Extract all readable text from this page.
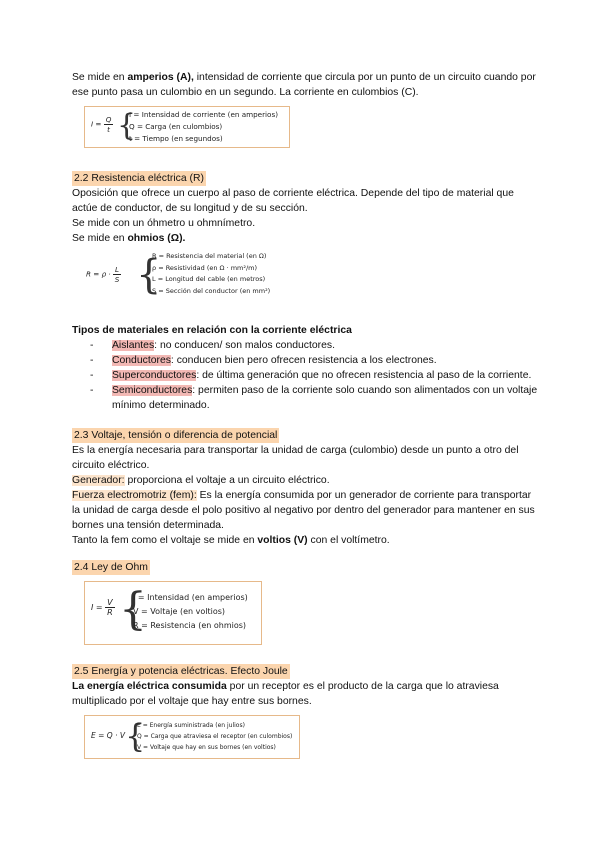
Se mide en amperios (A), intensidad de corriente que circula por un punto de un circuito cuando por ese punto pasa un culombio en un segundo. La corriente en culombios (C).

$I = \frac{Q}{t}$ {
I = Intensidad de corriente (en amperios)
Q = Carga (en culombios)
t = Tiempo (en segundos)

2.2 Resistencia eléctrica (R)

Oposición que ofrece un cuerpo al paso de corriente eléctrica. Depende del tipo de material que actúe de conductor, de su longitud y de su sección.

Se mide con un óhmetro u ohmnímetro.

Se mide en ohmios (Ω).

$R = \rho \cdot \frac{L}{S}$ {
R = Resistencia del material (en Ω)
ρ = Resistividad (en Ω · mm²/m)
L = Longitud del cable (en metros)
S = Sección del conductor (en mm²)

Tipos de materiales en relación con la corriente eléctrica

- Aislantes: no conducen/ son malos conductores.
- Conductores: conducen bien pero ofrecen resistencia a los electrones.
- Superconductores: de última generación que no ofrecen resistencia al paso de la corriente.
- Semiconductores: permiten paso de la corriente solo cuando son alimentados con un voltaje mínimo determinado.

2.3 Voltaje, tensión o diferencia de potencial

Es la energía necesaria para transportar la unidad de carga (culombio) desde un punto a otro del circuito eléctrico.

Generador: proporciona el voltaje a un circuito eléctrico.

Fuerza electromotriz (fem): Es la energía consumida por un generador de corriente para transportar la unidad de carga desde el polo positivo al negativo por dentro del generador para mantener en sus bornes una tensión determinada.

Tanto la fem como el voltaje se mide en voltios (V) con el voltímetro.

2.4 Ley de Ohm

$I = \frac{V}{R}$ {
I = Intensidad (en amperios)
V = Voltaje (en voltios)
R = Resistencia (en ohmios)

2.5 Energía y potencia eléctricas. Efecto Joule

La energía eléctrica consumida por un receptor es el producto de la carga que lo atraviesa multiplicado por el voltaje que hay entre sus bornes.

E = Q · V {
E = Energía suministrada (en julios)
Q = Carga que atraviesa el receptor (en culombios)
V = Voltaje que hay en sus bornes (en voltios)
